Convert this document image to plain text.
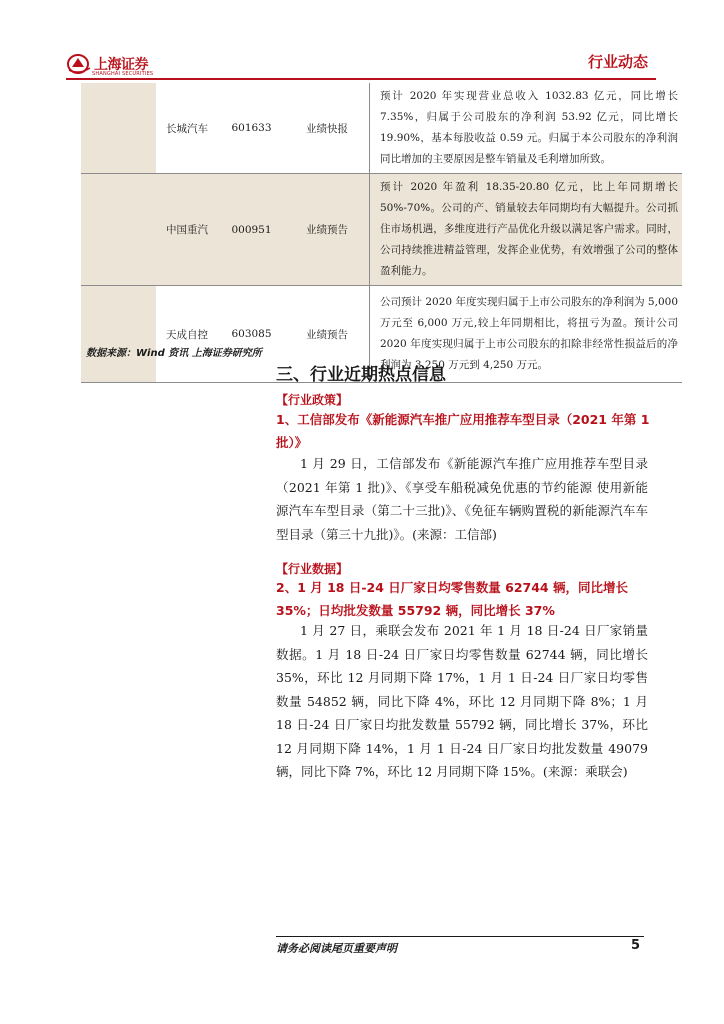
上海证券
SHANGHAI SECURITIES
行业动态
	长城汽车	601633	业绩快报	预计 2020 年实现营业总收入 1032.83 亿元，同比增长 7.35%，归属于公司股东的净利润 53.92 亿元，同比增长 19.90%，基本每股收益 0.59 元。归属于本公司股东的净利润同比增加的主要原因是整车销量及毛利增加所致。
	中国重汽	000951	业绩预告	预计 2020 年盈利 18.35-20.80 亿元，比上年同期增长 50%-70%。公司的产、销量较去年同期均有大幅提升。公司抓住市场机遇，多维度进行产品优化升级以满足客户需求。同时，公司持续推进精益管理，发挥企业优势，有效增强了公司的整体盈利能力。
	天成自控	603085	业绩预告	公司预计 2020 年度实现归属于上市公司股东的净利润为 5,000 万元至 6,000 万元,较上年同期相比，将扭亏为盈。预计公司 2020 年度实现归属于上市公司股东的扣除非经常性损益后的净利润为 3,250 万元到 4,250 万元。
数据来源：Wind 资讯 上海证券研究所
三、行业近期热点信息
【行业政策】
1、工信部发布《新能源汽车推广应用推荐车型目录（2021 年第 1 批）》
1 月 29 日，工信部发布《新能源汽车推广应用推荐车型目录（2021 年第 1 批)》、《享受车船税减免优惠的节约能源 使用新能源汽车车型目录（第二十三批)》、《免征车辆购置税的新能源汽车车型目录（第三十九批)》。(来源：工信部)
【行业数据】
2、1 月 18 日-24 日厂家日均零售数量 62744 辆，同比增长 35%；日均批发数量 55792 辆，同比增长 37%
1 月 27 日，乘联会发布 2021 年 1 月 18 日-24 日厂家销量数据。1 月 18 日-24 日厂家日均零售数量 62744 辆，同比增长 35%，环比 12 月同期下降 17%，1 月 1 日-24 日厂家日均零售数量 54852 辆，同比下降 4%，环比 12 月同期下降 8%；1 月 18 日-24 日厂家日均批发数量 55792 辆，同比增长 37%，环比 12 月同期下降 14%，1 月 1 日-24 日厂家日均批发数量 49079 辆，同比下降 7%，环比 12 月同期下降 15%。(来源：乘联会)
请务必阅读尾页重要声明	5
